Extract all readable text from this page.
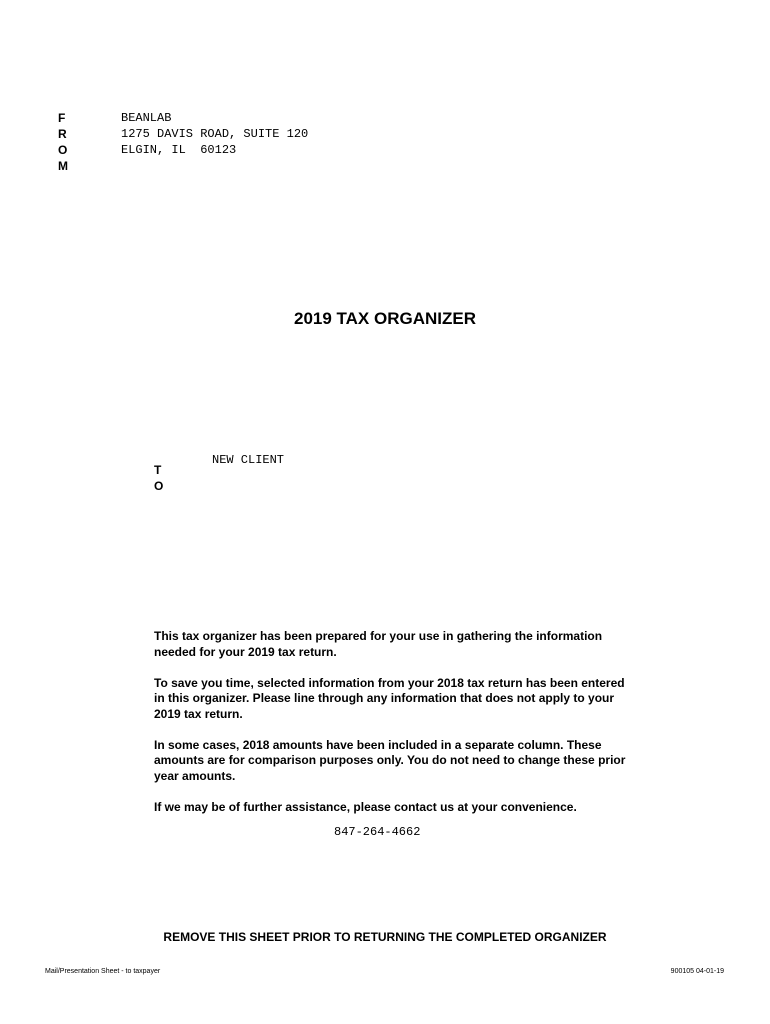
F
R
O
M
BEANLAB
1275 DAVIS ROAD, SUITE 120
ELGIN, IL  60123
2019 TAX ORGANIZER
T
O
NEW CLIENT

This tax organizer has been prepared for your use in gathering the information needed for your 2019 tax return.

To save you time, selected information from your 2018 tax return has been entered in this organizer. Please line through any information that does not apply to your 2019 tax return.

In some cases, 2018 amounts have been included in a separate column. These amounts are for comparison purposes only. You do not need to change these prior year amounts.

If we may be of further assistance, please contact us at your convenience.

847-264-4662
REMOVE THIS SHEET PRIOR TO RETURNING THE COMPLETED ORGANIZER
Mail/Presentation Sheet - to taxpayer	900105 04-01-19
